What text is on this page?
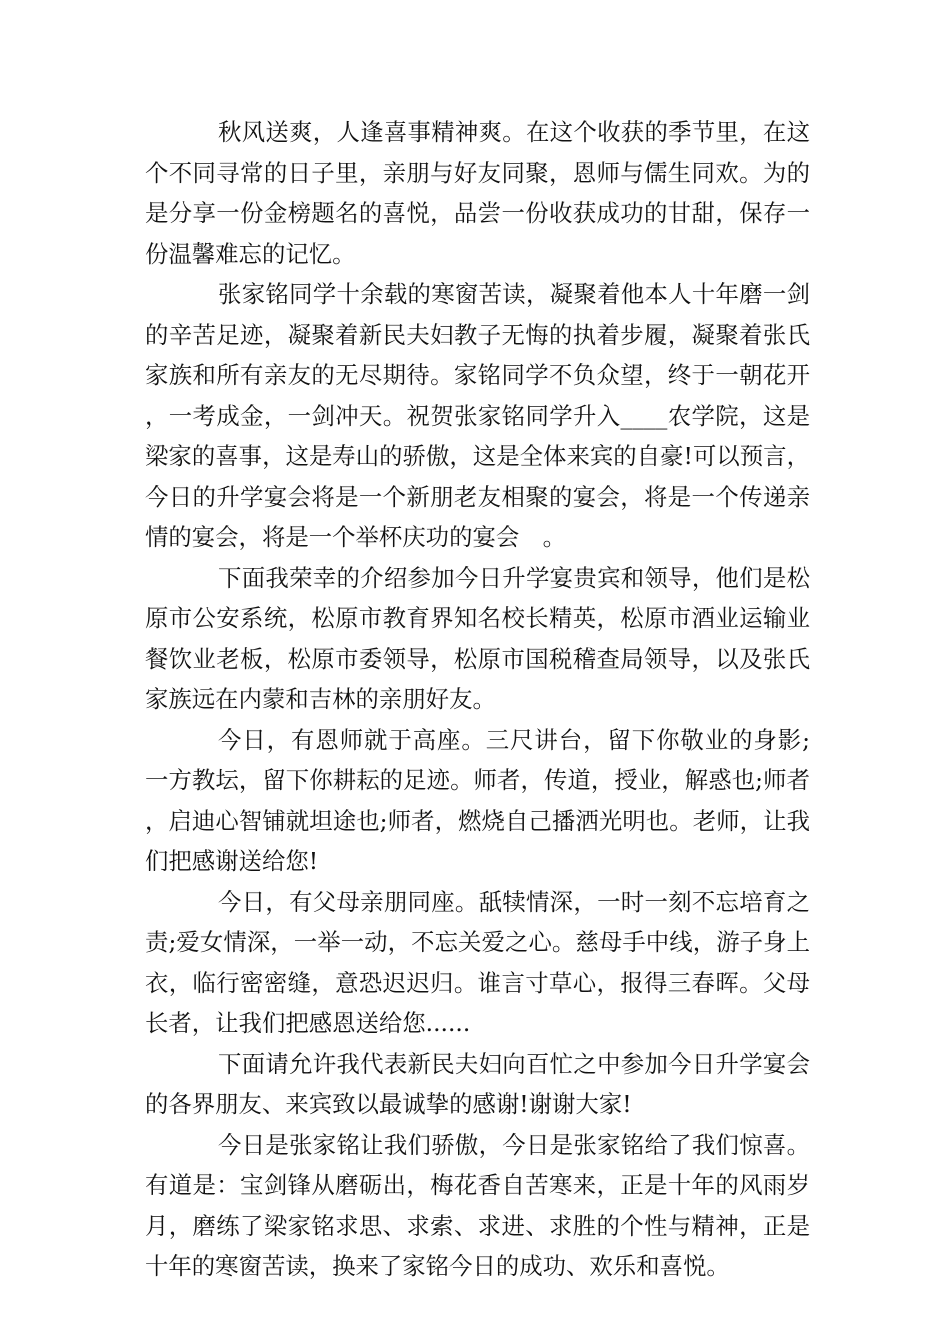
秋风送爽，人逢喜事精神爽。在这个收获的季节里，在这个不同寻常的日子里，亲朋与好友同聚，恩师与儒生同欢。为的是分享一份金榜题名的喜悦，品尝一份收获成功的甘甜，保存一份温馨难忘的记忆。

张家铭同学十余载的寒窗苦读，凝聚着他本人十年磨一剑的辛苦足迹，凝聚着新民夫妇教子无悔的执着步履，凝聚着张氏家族和所有亲友的无尽期待。家铭同学不负众望，终于一朝花开，一考成金，一剑冲天。祝贺张家铭同学升入____农学院，这是梁家的喜事，这是寿山的骄傲，这是全体来宾的自豪!可以预言，今日的升学宴会将是一个新朋老友相聚的宴会，将是一个传递亲情的宴会，将是一个举杯庆功的宴会　。

下面我荣幸的介绍参加今日升学宴贵宾和领导，他们是松原市公安系统，松原市教育界知名校长精英，松原市酒业运输业餐饮业老板，松原市委领导，松原市国税稽查局领导，以及张氏家族远在内蒙和吉林的亲朋好友。

今日，有恩师就于高座。三尺讲台，留下你敬业的身影;一方教坛，留下你耕耘的足迹。师者，传道，授业，解惑也;师者，启迪心智铺就坦途也;师者，燃烧自己播洒光明也。老师，让我们把感谢送给您!

今日，有父母亲朋同座。舐犊情深，一时一刻不忘培育之责;爱女情深，一举一动，不忘关爱之心。慈母手中线，游子身上衣，临行密密缝，意恐迟迟归。谁言寸草心，报得三春晖。父母长者，让我们把感恩送给您......

下面请允许我代表新民夫妇向百忙之中参加今日升学宴会的各界朋友、来宾致以最诚挚的感谢!谢谢大家!

今日是张家铭让我们骄傲，今日是张家铭给了我们惊喜。有道是：宝剑锋从磨砺出，梅花香自苦寒来，正是十年的风雨岁月，磨练了梁家铭求思、求索、求进、求胜的个性与精神，正是十年的寒窗苦读，换来了家铭今日的成功、欢乐和喜悦。
